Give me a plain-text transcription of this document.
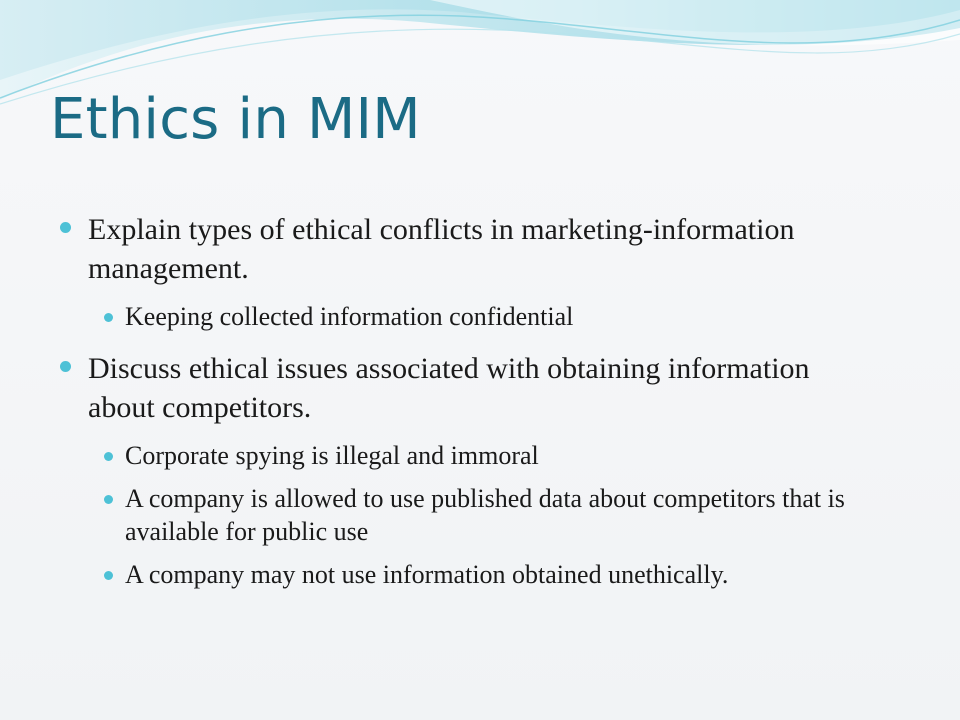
Ethics in MIM

Explain types of ethical conflicts in marketing-information management.

Keeping collected information confidential

Discuss ethical issues associated with obtaining information about competitors.

Corporate spying is illegal and immoral

A company is allowed to use published data about competitors that is available for public use

A company may not use information obtained unethically.
